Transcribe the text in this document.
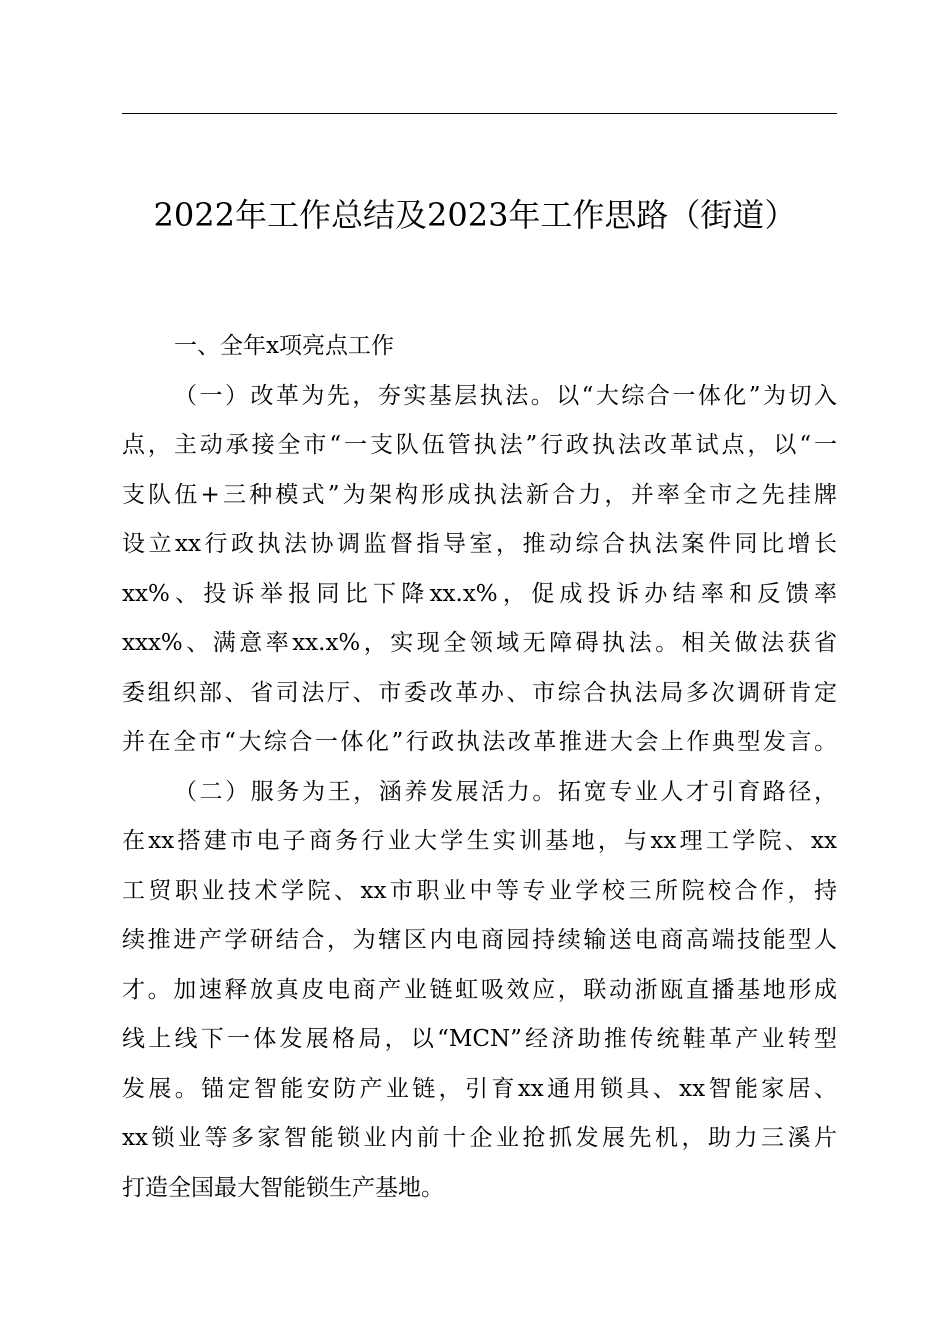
2022年工作总结及2023年工作思路（街道）

一、全年x项亮点工作

（一）改革为先，夯实基层执法。以“大综合一体化”为切入
点，主动承接全市“一支队伍管执法”行政执法改革试点，以“一
支队伍+三种模式”为架构形成执法新合力，并率全市之先挂牌
设立xx行政执法协调监督指导室，推动综合执法案件同比增长
xx%、投诉举报同比下降xx.x%，促成投诉办结率和反馈率
xxx%、满意率xx.x%，实现全领域无障碍执法。相关做法获省
委组织部、省司法厅、市委改革办、市综合执法局多次调研肯定
并在全市“大综合一体化”行政执法改革推进大会上作典型发言。

（二）服务为王，涵养发展活力。拓宽专业人才引育路径，
在xx搭建市电子商务行业大学生实训基地，与xx理工学院、xx
工贸职业技术学院、xx市职业中等专业学校三所院校合作，持
续推进产学研结合，为辖区内电商园持续输送电商高端技能型人
才。加速释放真皮电商产业链虹吸效应，联动浙瓯直播基地形成
线上线下一体发展格局，以“MCN”经济助推传统鞋革产业转型
发展。锚定智能安防产业链，引育xx通用锁具、xx智能家居、
xx锁业等多家智能锁业内前十企业抢抓发展先机，助力三溪片
打造全国最大智能锁生产基地。
